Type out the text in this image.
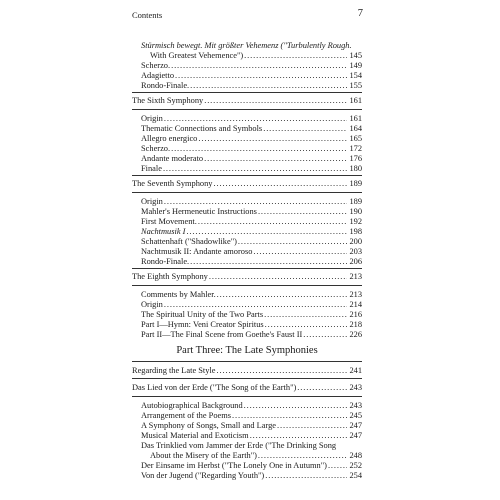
Contents	7
Stürmisch bewegt. Mit größter Vehemenz ("Turbulently Rough.
With Greatest Vehemence") . . .	145
Scherzo. . . .	149
Adagietto . . .	154
Rondo-Finale. . . .	155
The Sixth Symphony . . .	161
Origin . . .	161
Thematic Connections and Symbols . . .	164
Allegro energico . . .	165
Scherzo. . . .	172
Andante moderato . . .	176
Finale . . .	180
The Seventh Symphony . . .	189
Origin . . .	189
Mahler's Hermeneutic Instructions . . .	190
First Movement. . . .	192
Nachtmusik I . . .	198
Schattenhaft ("Shadowlike") . . .	200
Nachtmusik II: Andante amoroso . . .	203
Rondo-Finale. . . .	206
The Eighth Symphony . . .	213
Comments by Mahler. . . .	213
Origin . . .	214
The Spiritual Unity of the Two Parts . . .	216
Part I—Hymn: Veni Creator Spiritus . . .	218
Part II—The Final Scene from Goethe's Faust II . . .	226
Part Three: The Late Symphonies
Regarding the Late Style . . .	241
Das Lied von der Erde ("The Song of the Earth") . . .	243
Autobiographical Background . . .	243
Arrangement of the Poems . . .	245
A Symphony of Songs, Small and Large . . .	247
Musical Material and Exoticism . . .	247
Das Trinklied vom Jammer der Erde ("The Drinking Song
About the Misery of the Earth") . . .	248
Der Einsame im Herbst ("The Lonely One in Autumn") . . .	252
Von der Jugend ("Regarding Youth") . . .	254
